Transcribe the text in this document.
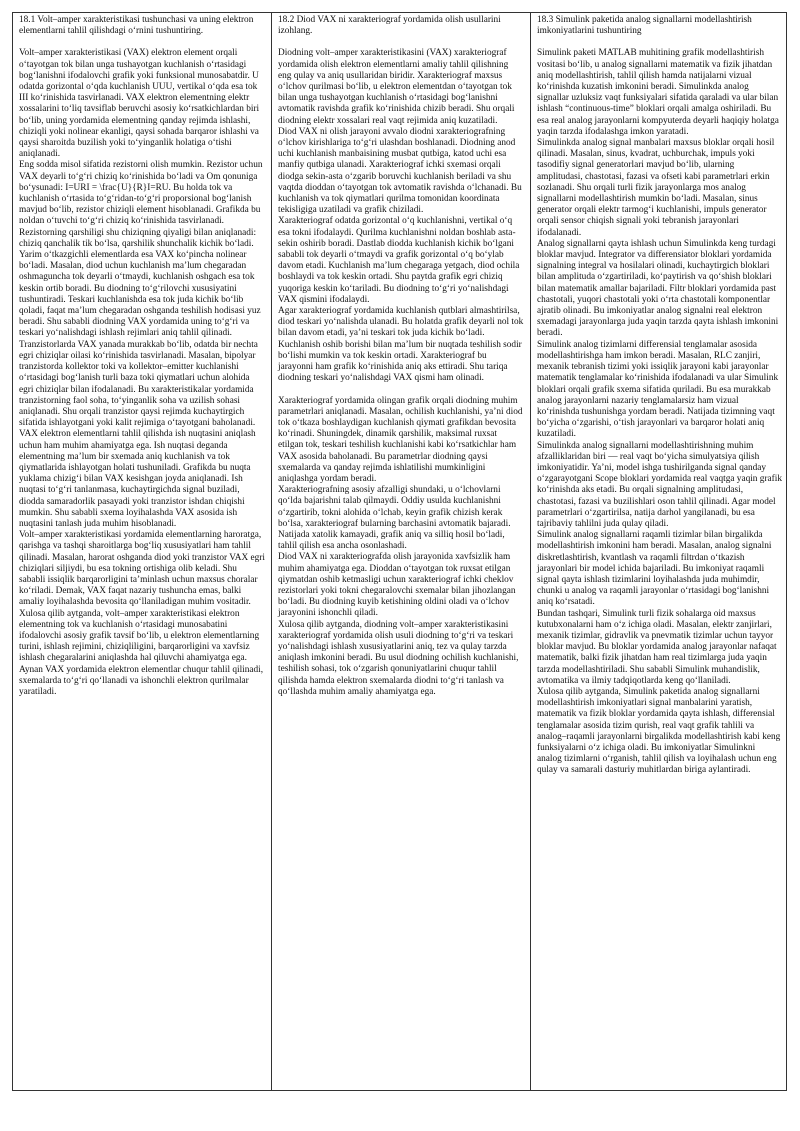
18.1 Volt–amper xarakteristikasi tushunchasi va uning elektron elementlarni tahlil qilishdagi oʻrnini tushuntiring.

Volt–amper xarakteristikasi (VAX) elektron element orqali oʻtayotgan tok bilan unga tushayotgan kuchlanish oʻrtasidagi bogʻlanishni ifodalovchi grafik yoki funksional munosabatdir. U odatda gorizontal oʻqda kuchlanish UUU, vertikal oʻqda esa tok III koʻrinishida tasvirlanadi. VAX elektron elementning elektr xossalarini toʻliq tavsiflab beruvchi asosiy koʻrsatkichlardan biri boʻlib, uning yordamida elementning qanday rejimda ishlashi, chiziqli yoki nolinear ekanligi, qaysi sohada barqaror ishlashi va qaysi sharoitda buzilish yoki toʻyinganlik holatiga oʻtishi aniqlanadi.

Eng sodda misol sifatida rezistorni olish mumkin. Rezistor uchun VAX deyarli toʻgʻri chiziq koʻrinishida boʻladi va Om qonuniga boʻysunadi: I=URI = \frac{U}{R}I=RU. Bu holda tok va kuchlanish oʻrtasida toʻgʻridan-toʻgʻri proporsional bogʻlanish mavjud boʻlib, rezistor chiziqli element hisoblanadi. Grafikda bu noldan oʻtuvchi toʻgʻri chiziq koʻrinishida tasvirlanadi. Rezistorning qarshiligi shu chiziqning qiyaligi bilan aniqlanadi: chiziq qanchalik tik boʻlsa, qarshilik shunchalik kichik boʻladi.

Yarim oʻtkazgichli elementlarda esa VAX koʻpincha nolinear boʻladi. Masalan, diod uchun kuchlanish maʼlum chegaradan oshmaguncha tok deyarli oʻtmaydi, kuchlanish oshgach esa tok keskin ortib boradi. Bu diodning toʻgʻrilovchi xususiyatini tushuntiradi. Teskari kuchlanishda esa tok juda kichik boʻlib qoladi, faqat maʼlum chegaradan oshganda teshilish hodisasi yuz beradi. Shu sababli diodning VAX yordamida uning toʻgʻri va teskari yoʻnalishdagi ishlash rejimlari aniq tahlil qilinadi.

Tranzistorlarda VAX yanada murakkab boʻlib, odatda bir nechta egri chiziqlar oilasi koʻrinishida tasvirlanadi. Masalan, bipolyar tranzistorda kollektor toki va kollektor–emitter kuchlanishi oʻrtasidagi bogʻlanish turli baza toki qiymatlari uchun alohida egri chiziqlar bilan ifodalanadi. Bu xarakteristikalar yordamida tranzistorning faol soha, toʻyinganlik soha va uzilish sohasi aniqlanadi. Shu orqali tranzistor qaysi rejimda kuchaytirgich sifatida ishlayotgani yoki kalit rejimiga oʻtayotgani baholanadi.

VAX elektron elementlarni tahlil qilishda ish nuqtasini aniqlash uchun ham muhim ahamiyatga ega. Ish nuqtasi deganda elementning maʼlum bir sxemada aniq kuchlanish va tok qiymatlarida ishlayotgan holati tushuniladi. Grafikda bu nuqta yuklama chizigʻi bilan VAX kesishgan joyda aniqlanadi. Ish nuqtasi toʻgʻri tanlanmasa, kuchaytirgichda signal buziladi, diodda samaradorlik pasayadi yoki tranzistor ishdan chiqishi mumkin. Shu sababli sxema loyihalashda VAX asosida ish nuqtasini tanlash juda muhim hisoblanadi.

Volt–amper xarakteristikasi yordamida elementlarning haroratga, qarishga va tashqi sharoitlarga bogʻliq xususiyatlari ham tahlil qilinadi. Masalan, harorat oshganda diod yoki tranzistor VAX egri chiziqlari siljiydi, bu esa tokning ortishiga olib keladi. Shu sababli issiqlik barqarorligini taʼminlash uchun maxsus choralar koʻriladi. Demak, VAX faqat nazariy tushuncha emas, balki amaliy loyihalashda bevosita qoʻllaniladigan muhim vositadir.

Xulosa qilib aytganda, volt–amper xarakteristikasi elektron elementning tok va kuchlanish oʻrtasidagi munosabatini ifodalovchi asosiy grafik tavsif boʻlib, u elektron elementlarning turini, ishlash rejimini, chiziqliligini, barqarorligini va xavfsiz ishlash chegaralarini aniqlashda hal qiluvchi ahamiyatga ega. Aynan VAX yordamida elektron elementlar chuqur tahlil qilinadi, sxemalarda toʻgʻri qoʻllanadi va ishonchli elektron qurilmalar yaratiladi.

18.2 Diod VAX ni xarakteriograf yordamida olish usullarini izohlang.

Diodning volt–amper xarakteristikasini (VAX) xarakteriograf yordamida olish elektron elementlarni amaliy tahlil qilishning eng qulay va aniq usullaridan biridir. Xarakteriograf maxsus oʻlchov qurilmasi boʻlib, u elektron elementdan oʻtayotgan tok bilan unga tushayotgan kuchlanish oʻrtasidagi bogʻlanishni avtomatik ravishda grafik koʻrinishida chizib beradi. Shu orqali diodning elektr xossalari real vaqt rejimida aniq kuzatiladi.

Diod VAX ni olish jarayoni avvalo diodni xarakteriografning oʻlchov kirishlariga toʻgʻri ulashdan boshlanadi. Diodning anod uchi kuchlanish manbaisining musbat qutbiga, katod uchi esa manfiy qutbiga ulanadi. Xarakteriograf ichki sxemasi orqali diodga sekin-asta oʻzgarib boruvchi kuchlanish beriladi va shu vaqtda dioddan oʻtayotgan tok avtomatik ravishda oʻlchanadi. Bu kuchlanish va tok qiymatlari qurilma tomonidan koordinata tekisligiga uzatiladi va grafik chiziladi.

Xarakteriograf odatda gorizontal oʻq kuchlanishni, vertikal oʻq esa tokni ifodalaydi. Qurilma kuchlanishni noldan boshlab asta-sekin oshirib boradi. Dastlab diodda kuchlanish kichik boʻlgani sababli tok deyarli oʻtmaydi va grafik gorizontal oʻq boʻylab davom etadi. Kuchlanish maʼlum chegaraga yetgach, diod ochila boshlaydi va tok keskin ortadi. Shu paytda grafik egri chiziq yuqoriga keskin koʻtariladi. Bu diodning toʻgʻri yoʻnalishdagi VAX qismini ifodalaydi.

Agar xarakteriograf yordamida kuchlanish qutblari almashtirilsa, diod teskari yoʻnalishda ulanadi. Bu holatda grafik deyarli nol tok bilan davom etadi, yaʼni teskari tok juda kichik boʻladi. Kuchlanish oshib borishi bilan maʼlum bir nuqtada teshilish sodir boʻlishi mumkin va tok keskin ortadi. Xarakteriograf bu jarayonni ham grafik koʻrinishida aniq aks ettiradi. Shu tariqa diodning teskari yoʻnalishdagi VAX qismi ham olinadi.

Xarakteriograf yordamida olingan grafik orqali diodning muhim parametrlari aniqlanadi. Masalan, ochilish kuchlanishi, yaʼni diod tok oʻtkaza boshlaydigan kuchlanish qiymati grafikdan bevosita koʻrinadi. Shuningdek, dinamik qarshilik, maksimal ruxsat etilgan tok, teskari teshilish kuchlanishi kabi koʻrsatkichlar ham VAX asosida baholanadi. Bu parametrlar diodning qaysi sxemalarda va qanday rejimda ishlatilishi mumkinligini aniqlashga yordam beradi.

Xarakteriografning asosiy afzalligi shundaki, u oʻlchovlarni qoʻlda bajarishni talab qilmaydi. Oddiy usulda kuchlanishni oʻzgartirib, tokni alohida oʻlchab, keyin grafik chizish kerak boʻlsa, xarakteriograf bularning barchasini avtomatik bajaradi. Natijada xatolik kamayadi, grafik aniq va silliq hosil boʻladi, tahlil qilish esa ancha osonlashadi.

Diod VAX ni xarakteriografda olish jarayonida xavfsizlik ham muhim ahamiyatga ega. Dioddan oʻtayotgan tok ruxsat etilgan qiymatdan oshib ketmasligi uchun xarakteriograf ichki cheklov rezistorlari yoki tokni chegaralovchi sxemalar bilan jihozlangan boʻladi. Bu diodning kuyib ketishining oldini oladi va oʻlchov jarayonini ishonchli qiladi.

Xulosa qilib aytganda, diodning volt–amper xarakteristikasini xarakteriograf yordamida olish usuli diodning toʻgʻri va teskari yoʻnalishdagi ishlash xususiyatlarini aniq, tez va qulay tarzda aniqlash imkonini beradi. Bu usul diodning ochilish kuchlanishi, teshilish sohasi, tok oʻzgarish qonuniyatlarini chuqur tahlil qilishda hamda elektron sxemalarda diodni toʻgʻri tanlash va qoʻllashda muhim amaliy ahamiyatga ega.

18.3 Simulink paketida analog signallarni modellashtirish imkoniyatlarini tushuntiring

Simulink paketi MATLAB muhitining grafik modellashtirish vositasi boʻlib, u analog signallarni matematik va fizik jihatdan aniq modellashtirish, tahlil qilish hamda natijalarni vizual koʻrinishda kuzatish imkonini beradi. Simulinkda analog signallar uzluksiz vaqt funksiyalari sifatida qaraladi va ular bilan ishlash “continuous-time” bloklari orqali amalga oshiriladi. Bu esa real analog jarayonlarni kompyuterda deyarli haqiqiy holatga yaqin tarzda ifodalashga imkon yaratadi.

Simulinkda analog signal manbalari maxsus bloklar orqali hosil qilinadi. Masalan, sinus, kvadrat, uchburchak, impuls yoki tasodifiy signal generatorlari mavjud boʻlib, ularning amplitudasi, chastotasi, fazasi va ofseti kabi parametrlari erkin sozlanadi. Shu orqali turli fizik jarayonlarga mos analog signallarni modellashtirish mumkin boʻladi. Masalan, sinus generator orqali elektr tarmogʻi kuchlanishi, impuls generator orqali sensor chiqish signali yoki tebranish jarayonlari ifodalanadi.

Analog signallarni qayta ishlash uchun Simulinkda keng turdagi bloklar mavjud. Integrator va differensiator bloklari yordamida signalning integral va hosilalari olinadi, kuchaytirgich bloklari bilan amplituda oʻzgartiriladi, koʻpaytirish va qoʻshish bloklari bilan matematik amallar bajariladi. Filtr bloklari yordamida past chastotali, yuqori chastotali yoki oʻrta chastotali komponentlar ajratib olinadi. Bu imkoniyatlar analog signalni real elektron sxemadagi jarayonlarga juda yaqin tarzda qayta ishlash imkonini beradi.

Simulink analog tizimlarni differensial tenglamalar asosida modellashtirishga ham imkon beradi. Masalan, RLC zanjiri, mexanik tebranish tizimi yoki issiqlik jarayoni kabi jarayonlar matematik tenglamalar koʻrinishida ifodalanadi va ular Simulink bloklari orqali grafik sxema sifatida quriladi. Bu esa murakkab analog jarayonlarni nazariy tenglamalarsiz ham vizual koʻrinishda tushunishga yordam beradi. Natijada tizimning vaqt boʻyicha oʻzgarishi, oʻtish jarayonlari va barqaror holati aniq kuzatiladi.

Simulinkda analog signallarni modellashtirishning muhim afzalliklaridan biri — real vaqt boʻyicha simulyatsiya qilish imkoniyatidir. Yaʼni, model ishga tushirilganda signal qanday oʻzgarayotgani Scope bloklari yordamida real vaqtga yaqin grafik koʻrinishda aks etadi. Bu orqali signalning amplitudasi, chastotasi, fazasi va buzilishlari oson tahlil qilinadi. Agar model parametrlari oʻzgartirilsa, natija darhol yangilanadi, bu esa tajribaviy tahlilni juda qulay qiladi.

Simulink analog signallarni raqamli tizimlar bilan birgalikda modellashtirish imkonini ham beradi. Masalan, analog signalni diskretlashtirish, kvantlash va raqamli filtrdan oʻtkazish jarayonlari bir model ichida bajariladi. Bu imkoniyat raqamli signal qayta ishlash tizimlarini loyihalashda juda muhimdir, chunki u analog va raqamli jarayonlar oʻrtasidagi bogʻlanishni aniq koʻrsatadi.

Bundan tashqari, Simulink turli fizik sohalarga oid maxsus kutubxonalarni ham oʻz ichiga oladi. Masalan, elektr zanjirlari, mexanik tizimlar, gidravlik va pnevmatik tizimlar uchun tayyor bloklar mavjud. Bu bloklar yordamida analog jarayonlar nafaqat matematik, balki fizik jihatdan ham real tizimlarga juda yaqin tarzda modellashtiriladi. Shu sababli Simulink muhandislik, avtomatika va ilmiy tadqiqotlarda keng qoʻllaniladi.

Xulosa qilib aytganda, Simulink paketida analog signallarni modellashtirish imkoniyatlari signal manbalarini yaratish, matematik va fizik bloklar yordamida qayta ishlash, differensial tenglamalar asosida tizim qurish, real vaqt grafik tahlili va analog–raqamli jarayonlarni birgalikda modellashtirish kabi keng funksiyalarni oʻz ichiga oladi. Bu imkoniyatlar Simulinkni analog tizimlarni oʻrganish, tahlil qilish va loyihalash uchun eng qulay va samarali dasturiy muhitlardan biriga aylantiradi.
